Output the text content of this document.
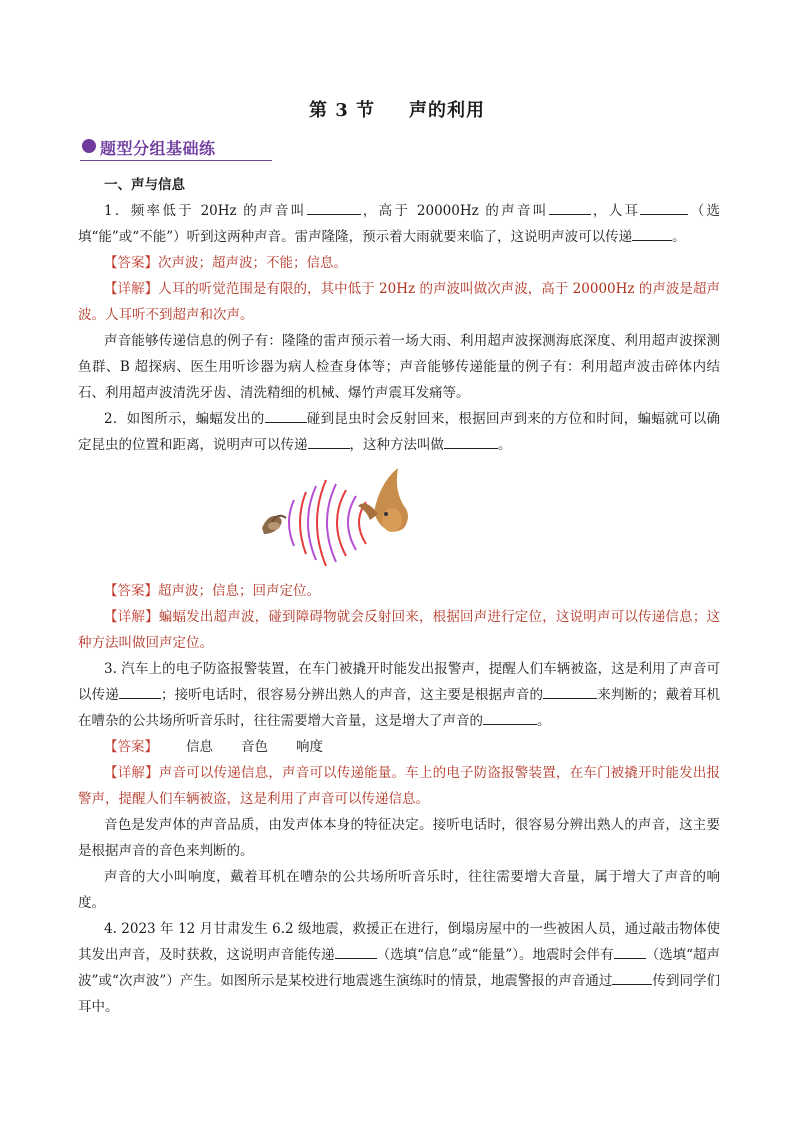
第 3 节 声的利用
题型分组基础练

一、声与信息

1．频率低于 20Hz 的声音叫	，高于 20000Hz 的声音叫	，人耳	（选填“能”或“不能”）听到这两种声音。雷声隆隆，预示着大雨就要来临了，这说明声波可以传递	。

【答案】次声波；超声波；不能；信息。

【详解】人耳的听觉范围是有限的，其中低于 20Hz 的声波叫做次声波，高于 20000Hz 的声波是超声波。人耳听不到超声和次声。

声音能够传递信息的例子有：隆隆的雷声预示着一场大雨、利用超声波探测海底深度、利用超声波探测鱼群、B 超探病、医生用听诊器为病人检查身体等；声音能够传递能量的例子有：利用超声波击碎体内结石、利用超声波清洗牙齿、清洗精细的机械、爆竹声震耳发痛等。

2．如图所示，蝙蝠发出的	碰到昆虫时会反射回来，根据回声到来的方位和时间，蝙蝠就可以确定昆虫的位置和距离，说明声可以传递	，这种方法叫做	。

【答案】超声波；信息；回声定位。

【详解】蝙蝠发出超声波，碰到障碍物就会反射回来，根据回声进行定位，这说明声可以传递信息；这种方法叫做回声定位。

3. 汽车上的电子防盗报警装置，在车门被撬开时能发出报警声，提醒人们车辆被盗，这是利用了声音可以传递	；接听电话时，很容易分辨出熟人的声音，这主要是根据声音的	来判断的；戴着耳机在嘈杂的公共场所听音乐时，往往需要增大音量，这是增大了声音的	。

【答案】 信息 音色 响度

【详解】声音可以传递信息，声音可以传递能量。车上的电子防盗报警装置，在车门被撬开时能发出报警声，提醒人们车辆被盗，这是利用了声音可以传递信息。

音色是发声体的声音品质，由发声体本身的特征决定。接听电话时，很容易分辨出熟人的声音，这主要是根据声音的音色来判断的。

声音的大小叫响度，戴着耳机在嘈杂的公共场所听音乐时，往往需要增大音量，属于增大了声音的响度。

4. 2023 年 12 月甘肃发生 6.2 级地震，救援正在进行，倒塌房屋中的一些被困人员，通过敲击物体使其发出声音，及时获救，这说明声音能传递	（选填“信息”或“能量”）。地震时会伴有 （选填“超声波”或“次声波”）产生。如图所示是某校进行地震逃生演练时的情景，地震警报的声音通过	传到同学们耳中。
